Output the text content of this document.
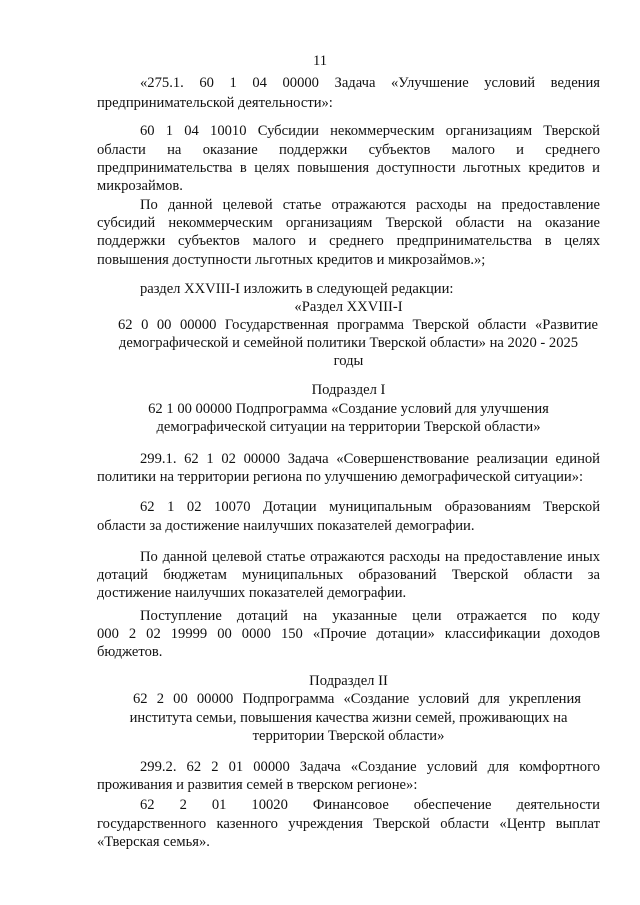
11

«275.1. 60 1 04 00000 Задача «Улучшение условий ведения

предпринимательской деятельности»:

60 1 04 10010 Субсидии некоммерческим организациям Тверской

области на оказание поддержки субъектов малого и среднего

предпринимательства в целях повышения доступности льготных кредитов и

микрозаймов.

По данной целевой статье отражаются расходы на предоставление

субсидий некоммерческим организациям Тверской области на оказание

поддержки субъектов малого и среднего предпринимательства в целях

повышения доступности льготных кредитов и микрозаймов.»;

раздел XXVIII-I изложить в следующей редакции:

«Раздел XXVIII-I

62 0 00 00000 Государственная программа Тверской области «Развитие

демографической и семейной политики Тверской области» на 2020 - 2025

годы

Подраздел I

62 1 00 00000 Подпрограмма «Создание условий для улучшения

демографической ситуации на территории Тверской области»

299.1. 62 1 02 00000 Задача «Совершенствование реализации единой

политики на территории региона по улучшению демографической ситуации»:

62 1 02 10070 Дотации муниципальным образованиям Тверской

области за достижение наилучших показателей демографии.

По данной целевой статье отражаются расходы на предоставление иных

дотаций бюджетам муниципальных образований Тверской области за

достижение наилучших показателей демографии.

Поступление дотаций на указанные цели отражается по коду

000 2 02 19999 00 0000 150 «Прочие дотации» классификации доходов

бюджетов.

Подраздел II

62 2 00 00000 Подпрограмма «Создание условий для укрепления

института семьи, повышения качества жизни семей, проживающих на

территории Тверской области»

299.2. 62 2 01 00000 Задача «Создание условий для комфортного

проживания и развития семей в тверском регионе»:

62 2 01 10020 Финансовое обеспечение деятельности

государственного казенного учреждения Тверской области «Центр выплат

«Тверская семья».
